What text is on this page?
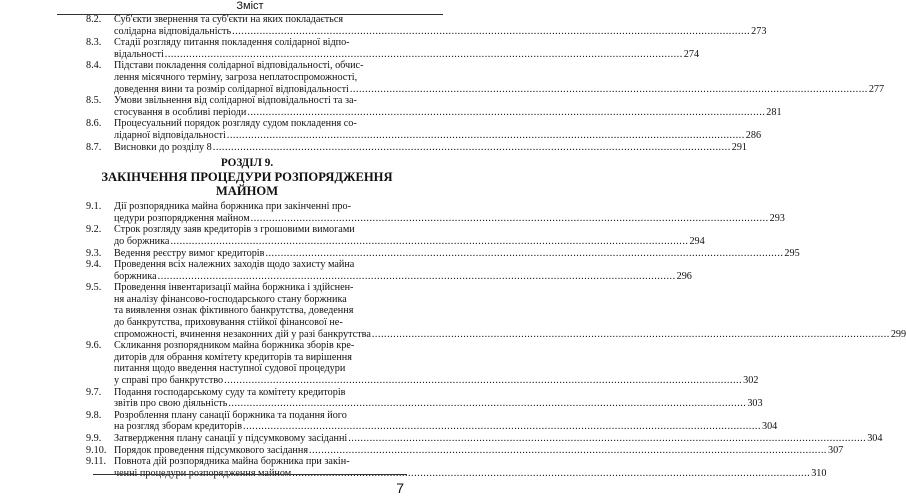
Зміст
8.2.	Суб'єкти звернення та суб'єкти на яких покладається
солідарна відповідальність .....	273
8.3.	Стадії розгляду питання покладення солідарної відпо-
відальності .....	274
8.4.	Підстави покладення солідарної відповідальності, обчис-
лення місячного терміну, загроза неплатоспроможності,
доведення вини та розмір солідарної відповідальності .....	277
8.5.	Умови звільнення від солідарної відповідальності та за-
стосування в особливі періоди .....	281
8.6.	Процесуальний порядок розгляду судом покладення со-
лідарної відповідальності .....	286
8.7.	Висновки до розділу 8 .....	291
РОЗДІЛ 9.
ЗАКІНЧЕННЯ ПРОЦЕДУРИ РОЗПОРЯДЖЕННЯ МАЙНОМ
9.1.	Дії розпорядника майна боржника при закінченні про-
цедури розпорядження майном .....	293
9.2.	Строк розгляду заяв кредиторів з грошовими вимогами
до боржника .....	294
9.3.	Ведення реєстру вимог кредиторів .....	295
9.4.	Проведення всіх належних заходів щодо захисту майна
боржника .....	296
9.5.	Проведення інвентаризації майна боржника і здійснен-
ня аналізу фінансово-господарського стану боржника
та виявлення ознак фіктивного банкрутства, доведення
до банкрутства, приховування стійкої фінансової не-
спроможності, вчинення незаконних дій у разі банкрутства .....	299
9.6.	Скликання розпорядником майна боржника зборів кре-
диторів для обрання комітету кредиторів та вирішення
питання щодо введення наступної судової процедури
у справі про банкрутство .....	302
9.7.	Подання господарському суду та комітету кредиторів
звітів про свою діяльність .....	303
9.8.	Розроблення плану санації боржника та подання його
на розгляд зборам кредиторів .....	304
9.9.	Затвердження плану санації у підсумковому засіданні .....	304
9.10. Порядок проведення підсумкового засідання .....	307
9.11. Повнота дій розпорядника майна боржника при закін-
ченні процедури розпорядження майном .....	310
7
